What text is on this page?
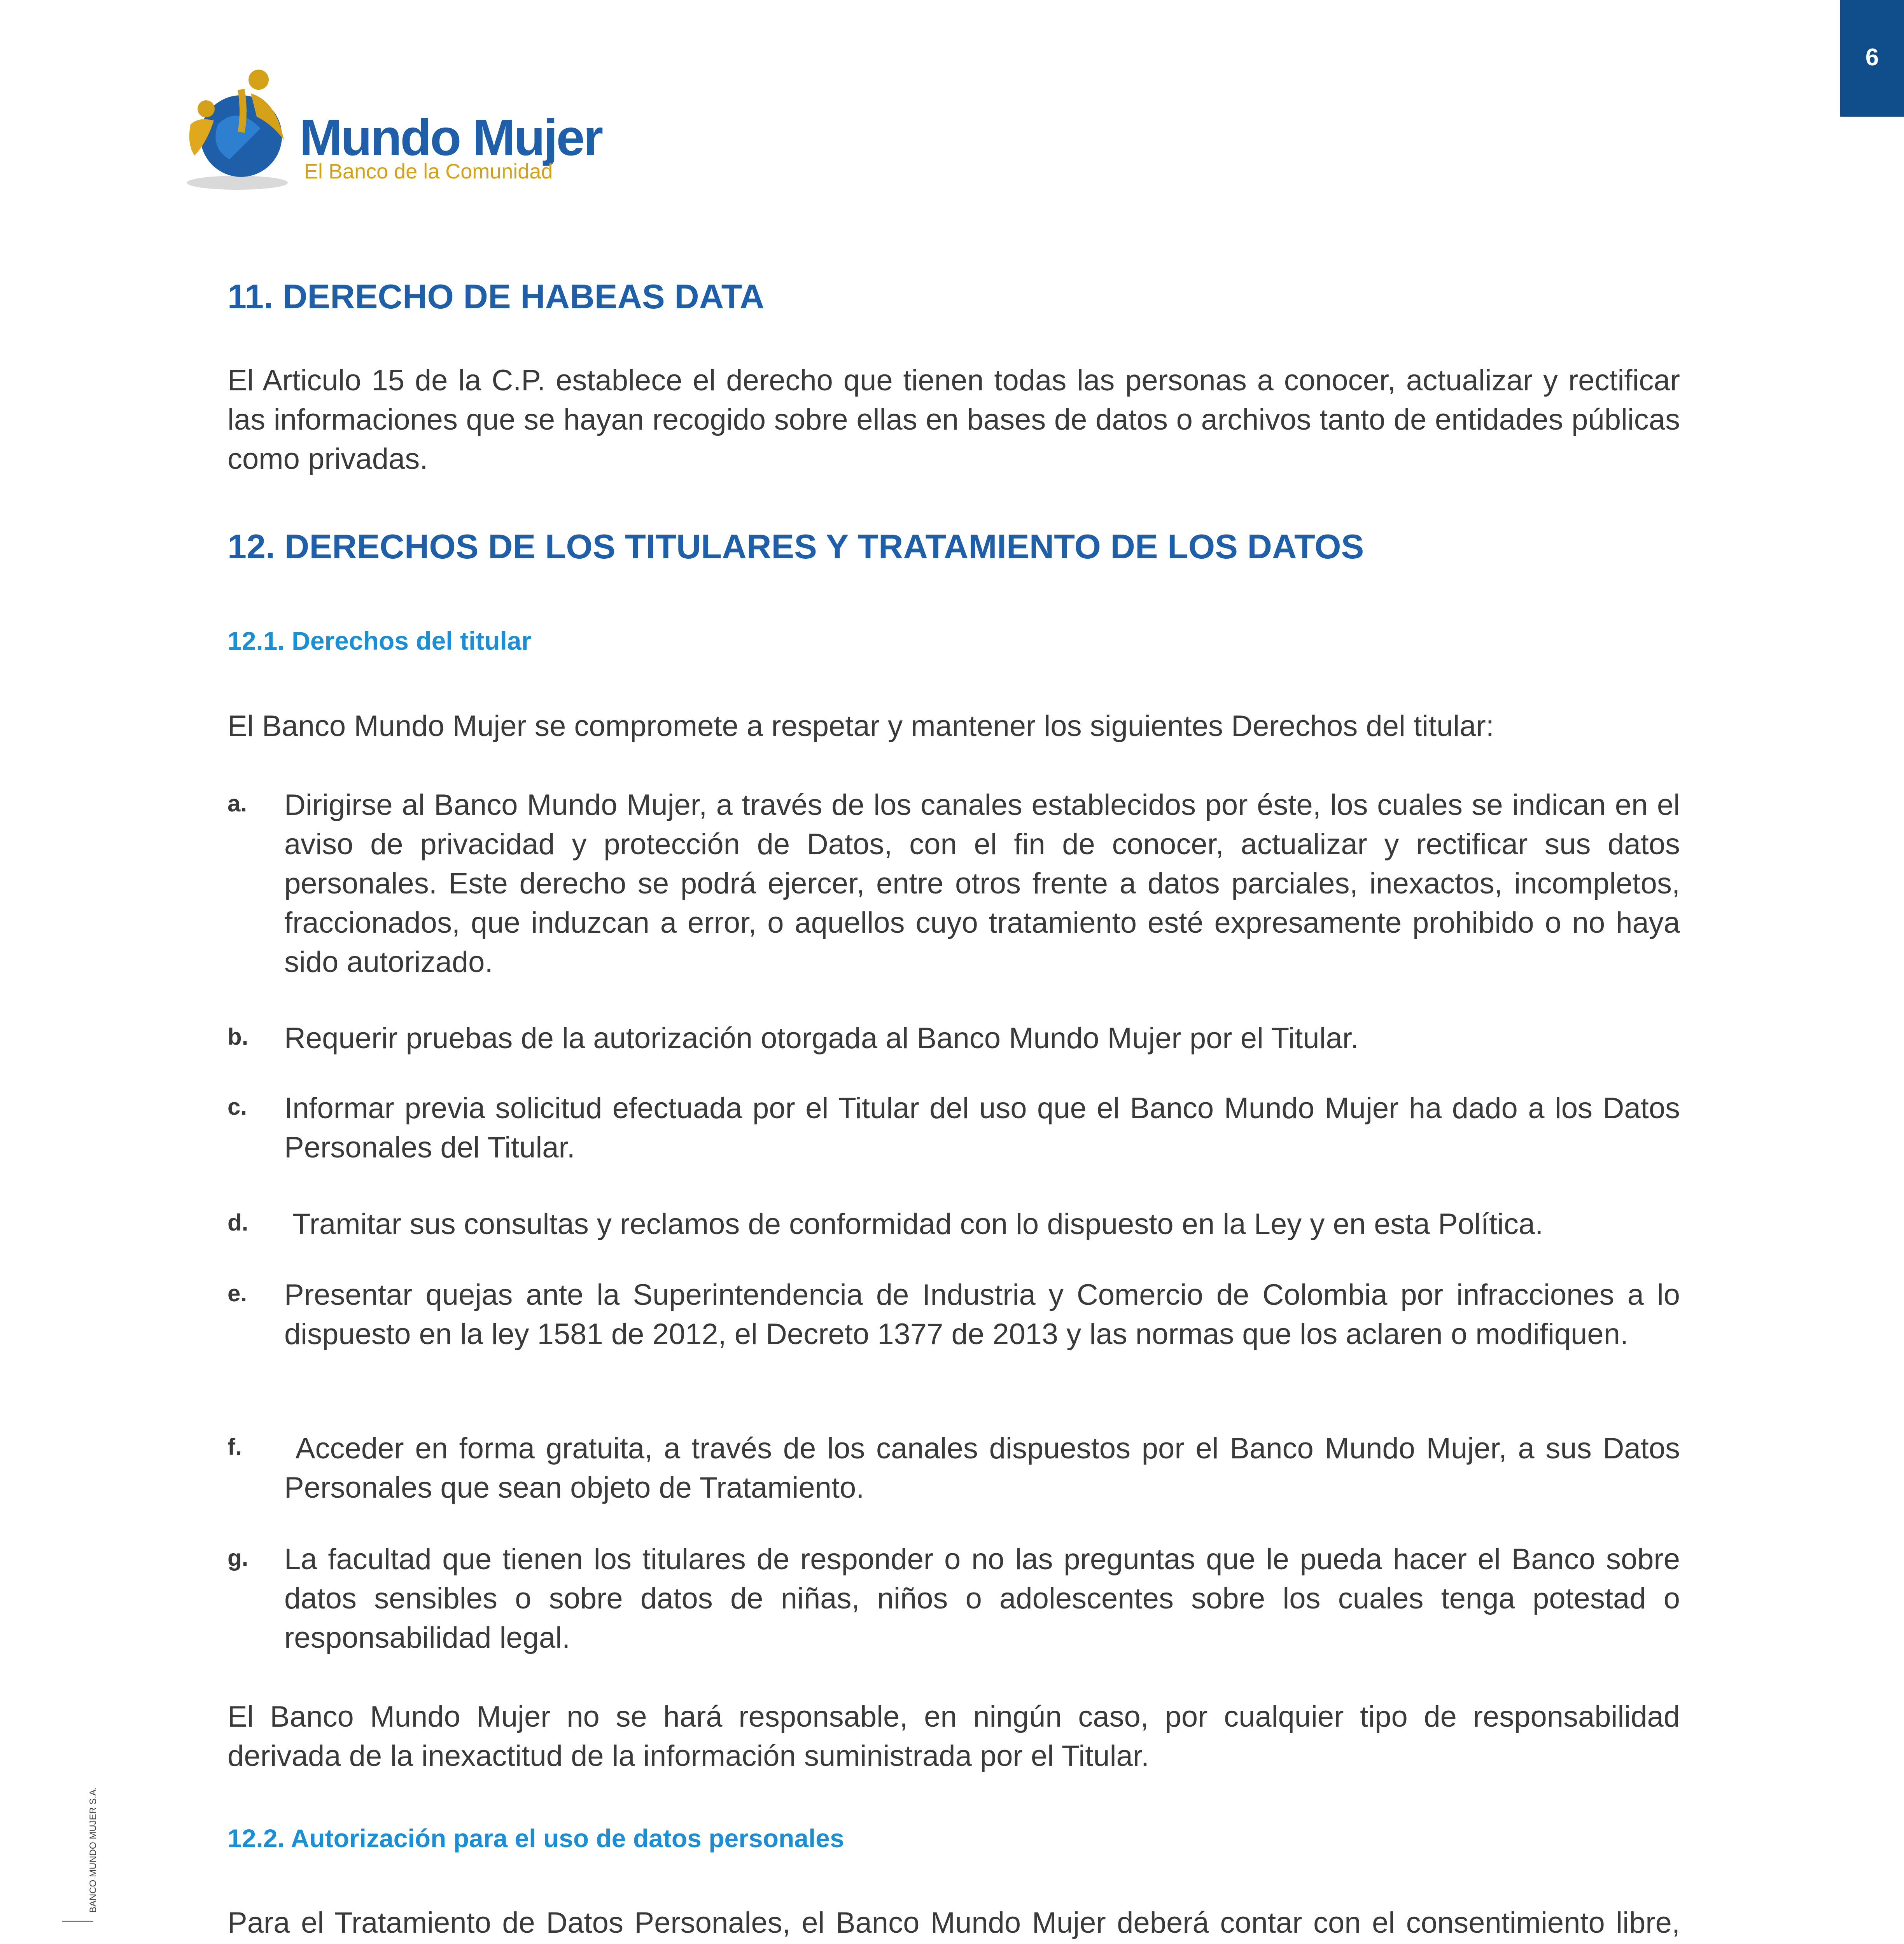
6
Mundo Mujer
El Banco de la Comunidad
11. DERECHO DE HABEAS DATA

El Articulo 15 de la C.P. establece el derecho que tienen todas las personas a conocer, actualizar y rectificar las informaciones que se hayan recogido sobre ellas en bases de datos o archivos tanto de entidades públicas como privadas.

12. DERECHOS DE LOS TITULARES Y TRATAMIENTO DE LOS DATOS
12.1. Derechos del titular

El Banco Mundo Mujer se compromete a respetar y mantener los siguientes Derechos del titular:

a. Dirigirse al Banco Mundo Mujer, a través de los canales establecidos por éste, los cuales se indican en el aviso de privacidad y protección de Datos, con el fin de conocer, actualizar y rectificar sus datos personales. Este derecho se podrá ejercer, entre otros frente a datos parciales, inexactos, incompletos, fraccionados, que induzcan a error, o aquellos cuyo tratamiento esté expresamente prohibido o no haya sido autorizado.

b. Requerir pruebas de la autorización otorgada al Banco Mundo Mujer por el Titular.

c. Informar previa solicitud efectuada por el Titular del uso que el Banco Mundo Mujer ha dado a los Datos Personales del Titular.

d. Tramitar sus consultas y reclamos de conformidad con lo dispuesto en la Ley y en esta Política.

e. Presentar quejas ante la Superintendencia de Industria y Comercio de Colombia por infracciones a lo dispuesto en la ley 1581 de 2012, el Decreto 1377 de 2013 y las normas que los aclaren o modifiquen.

f. Acceder en forma gratuita, a través de los canales dispuestos por el Banco Mundo Mujer, a sus Datos Personales que sean objeto de Tratamiento.

g. La facultad que tienen los titulares de responder o no las preguntas que le pueda hacer el Banco sobre datos sensibles o sobre datos de niñas, niños o adolescentes sobre los cuales tenga potestad o responsabilidad legal.

El Banco Mundo Mujer no se hará responsable, en ningún caso, por cualquier tipo de responsabilidad derivada de la inexactitud de la información suministrada por el Titular.

12.2. Autorización para el uso de datos personales

Para el Tratamiento de Datos Personales, el Banco Mundo Mujer deberá contar con el consentimiento libre,

BANCO MUNDO MUJER S.A.
